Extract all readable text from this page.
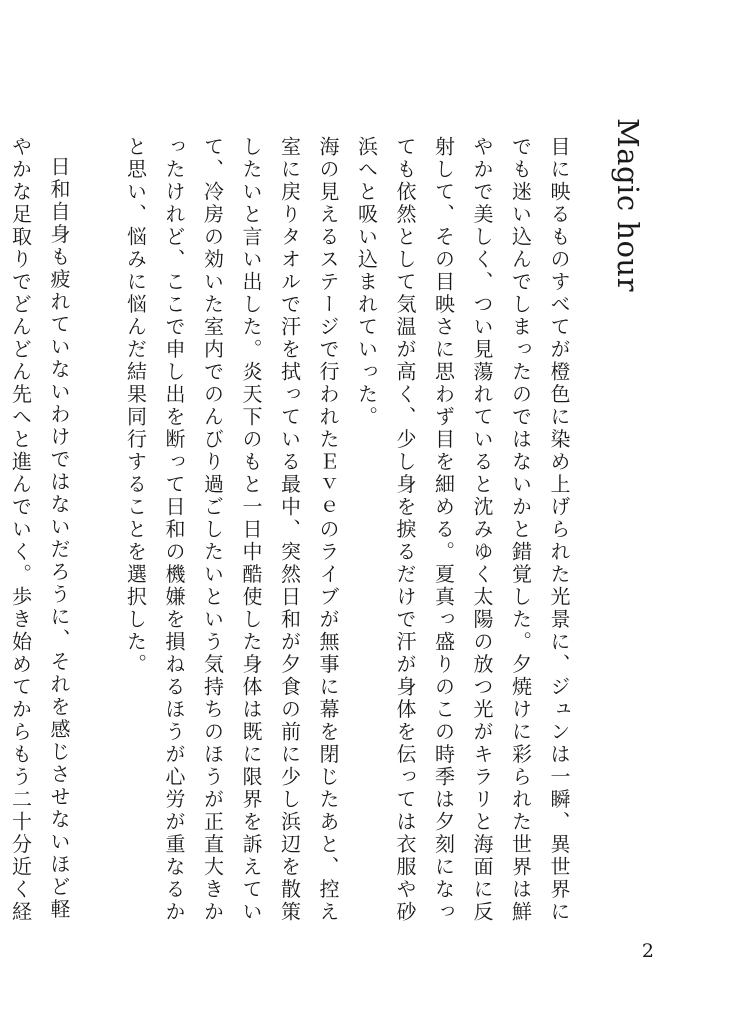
Magic hour

目に映るものすべてが橙色に染め上げられた光景に、ジュンは一瞬、異世界にでも迷い込んでしまったのではないかと錯覚した。夕焼けに彩られた世界は鮮やかで美しく、つい見蕩れていると沈みゆく太陽の放つ光がキラリと海面に反射して、その目映さに思わず目を細める。夏真っ盛りのこの時季は夕刻になっても依然として気温が高く、少し身を捩るだけで汗が身体を伝っては衣服や砂浜へと吸い込まれていった。

海の見えるステージで行われたＥｖｅのライブが無事に幕を閉じたあと、控え室に戻りタオルで汗を拭っている最中、突然日和が夕食の前に少し浜辺を散策したいと言い出した。炎天下のもと一日中酷使した身体は既に限界を訴えていて、冷房の効いた室内でのんびり過ごしたいという気持ちのほうが正直大きかったけれど、ここで申し出を断って日和の機嫌を損ねるほうが心労が重なるかと思い、悩みに悩んだ結果同行することを選択した。

日和自身も疲れていないわけではないだろうに、それを感じさせないほど軽やかな足取りでどんどん先へと進んでいく。歩き始めてからもう二十分近く経

2
